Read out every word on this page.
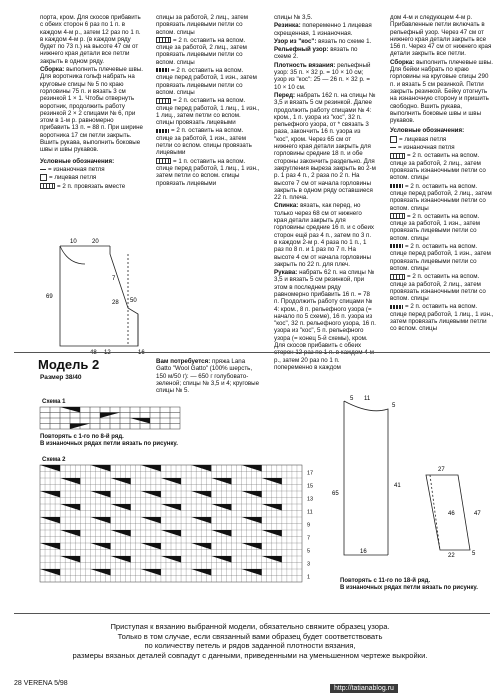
порта, кром. Для скосов прибавить с обеих сторон 6 раз по 1 п. в каждом 4-м р., затем 12 раз по 1 п. в каждом 4-м р. (в каждом ряду будет по 73 п.) на высоте 47 см от нижнего края детали все петли закрыть в одном ряду.

Сборка: выполнить плечевые швы. Для воротника гольф набрать на круговые спицы № 5 по краю горловины 75 п. и вязать 3 см резинкой 1 × 1. Чтобы отвернуть воротник, продолжить работу резинкой 2 × 2 спицами № 6, при этом в 1-м р. равномерно прибавить 13 п. = 88 п. При ширине воротника 17 см петли закрыть. Вшить рукава, выполнить боковые швы и швы рукавов.

Условные обозначения:

= изнаночная петля

= лицевая петля

= 2 п. провязать вместе

спицы за работой, 2 лиц., затем провязать лицевыми петли со вспом. спицы

= 2 п. оставить на вспом. спице за работой, 2 лиц., затем провязать лицевыми петли со вспом. спицы

= 2 п. оставить на вспом. спице перед работой, 1 изн., затем провязать лицевыми петли со вспом. спицы

= 2 п. оставить на вспом. спице перед работой, 1 лиц., 1 изн., 1 лиц., затем петли со вспом. спицы провязать лицевыми

= 2 п. оставить на вспом. спице за работой, 1 изн., затем петли со вспом. спицы провязать лицевыми

= 1 п. оставить на вспом. спице перед работой, 1 лиц., 1 изн., затем петли со вспом. спицы провязать лицевыми

спицы № 3,5.

Резинка: попеременно 1 лицевая скрещенная, 1 изнаночная.

Узор из "кос": вязать по схеме 1.

Рельефный узор: вязать по схеме 2.

Плотность вязания: рельефный узор: 35 п. × 32 р. = 10 × 10 см; узор из "кос": 25 — 26 п. × 32 р. = 10 × 10 см.

Перед: набрать 162 п. на спицы № 3,5 и вязать 5 см резинкой. Далее продолжить работу спицами № 4: кром., 1 п. узора из "кос", 32 п. рельефного узора, от * связать 3 раза, закончить 16 п. узора из "кос", кром. Через 65 см от нижнего края детали закрыть для горловины средние 18 п. и обе стороны закончить раздельно. Для закругления выреза закрыть во 2-м р. 1 раз 4 п., 2 раза по 2 п. На высоте 7 см от начала горловины закрыть в одном ряду оставшиеся 22 п. плеча.

Спинка: вязать, как перед, но только через 68 см от нижнего края детали закрыть для горловины средние 16 п. и с обеих сторон ещё раз 4 п., затем по 3 п. в каждом 2-м р. 4 раза по 1 п., 1 раз по 8 п. и 1 раз по 7 п. На высоте 4 см от начала горловины закрыть по 22 п. для плеч.

Рукава: набрать 62 п. на спицы № 3,5 и вязать 5 см резинкой, при этом в последнем ряду равномерно прибавить 16 п. = 78 п. Продолжить работу спицами № 4: кром., 8 п. рельефного узора (= начало по 5 схеме), 16 п. узора из "кос", 32 п. рельефного узора, 16 п. узора из "кос", 5 п. рельефного узора (= конец 5-й схемы), кром. Для скосов прибавить с обеих сторон 12 раз по 1 п. в каждом 4-м р., затем 20 раз по 1 п. попеременно в каждом

дом 4-м и следующем 4-м р. Прибавленные петли включать в рельефный узор. Через 47 см от нижнего края детали закрыть все 156 п. Через 47 см от нижнего края детали закрыть все петли.

Сборка: выполнить плечевые швы. Для бейки набрать по краю горловины на круговые спицы 290 п. и вязать 5 см резинкой. Петли закрыть резинкой. Бейку отогнуть на изнаночную сторону и пришить свободно. Вшить рукава, выполнить боковые швы и швы рукавов.

Условные обозначения:

= лицевая петля

= изнаночная петля

= 2 п. оставить на вспом. спице за работой, 2 лиц., затем провязать изнаночными петли со вспом. спицы

= 2 п. оставить на вспом. спице перед работой, 2 лиц., затем провязать изнаночными петли со вспом. спицы

= 2 п. оставить на вспом. спице за работой, 1 изн., затем провязать лицевыми петли со вспом. спицы

= 2 п. оставить на вспом. спице перед работой, 1 изн., затем провязать лицевыми петли со вспом. спицы

= 2 п. оставить на вспом. спице за работой, 2 лиц., затем провязать изнаночными петли со вспом. спицы

= 2 п. оставить на вспом. спице перед работой, 1 лиц., 1 изн., затем провязать лицевыми петли со вспом. спицы

10	20
69
28
7
50
12	16
48
Модель 2
Размер 38/40

Вам потребуется: пряжа Lana Gatto "Wool Gatto" (100% шерсть, 150 м/50 г): — 650 г голубовато-зеленой; спицы № 3,5 и 4; круговые спицы № 5.

Схема 1
Повторять с 1-го по 8-й ряд.
В изнаночных рядах петли вязать по рисунку.
Схема 2
17
15
13
11
9
7
5
3
1
5 11
5
41
65
16
27
46	47
22	5
Повторять с 11-го по 18-й ряд.
В изнаночных рядах петли вязать по рисунку.
Приступая к вязанию выбранной модели, обязательно свяжите образец узора.
Только в том случае, если связанный вами образец будет соответствовать
по количеству петель и рядов заданной плотности вязания,
размеры вязаных деталей совпадут с данными, приведенными на уменьшенном чертеже выкройки.
28 VERENA 5/98
http://tatianablog.ru
